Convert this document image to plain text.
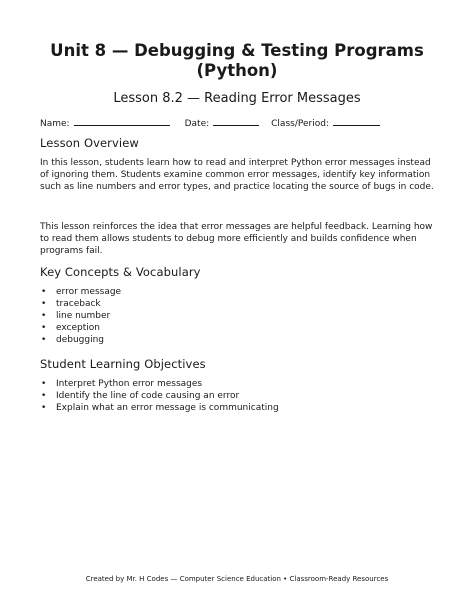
Unit 8 — Debugging & Testing Programs
(Python)
Lesson 8.2 — Reading Error Messages
Name:	Date:	Class/Period:
Lesson Overview
In this lesson, students learn how to read and interpret Python error messages instead of ignoring them. Students examine common error messages, identify key information such as line numbers and error types, and practice locating the source of bugs in code.
This lesson reinforces the idea that error messages are helpful feedback. Learning how to read them allows students to debug more efficiently and builds confidence when programs fail.
Key Concepts & Vocabulary
• error message
• traceback
• line number
• exception
• debugging
Student Learning Objectives
• Interpret Python error messages
• Identify the line of code causing an error
• Explain what an error message is communicating
Created by Mr. H Codes — Computer Science Education • Classroom-Ready Resources
